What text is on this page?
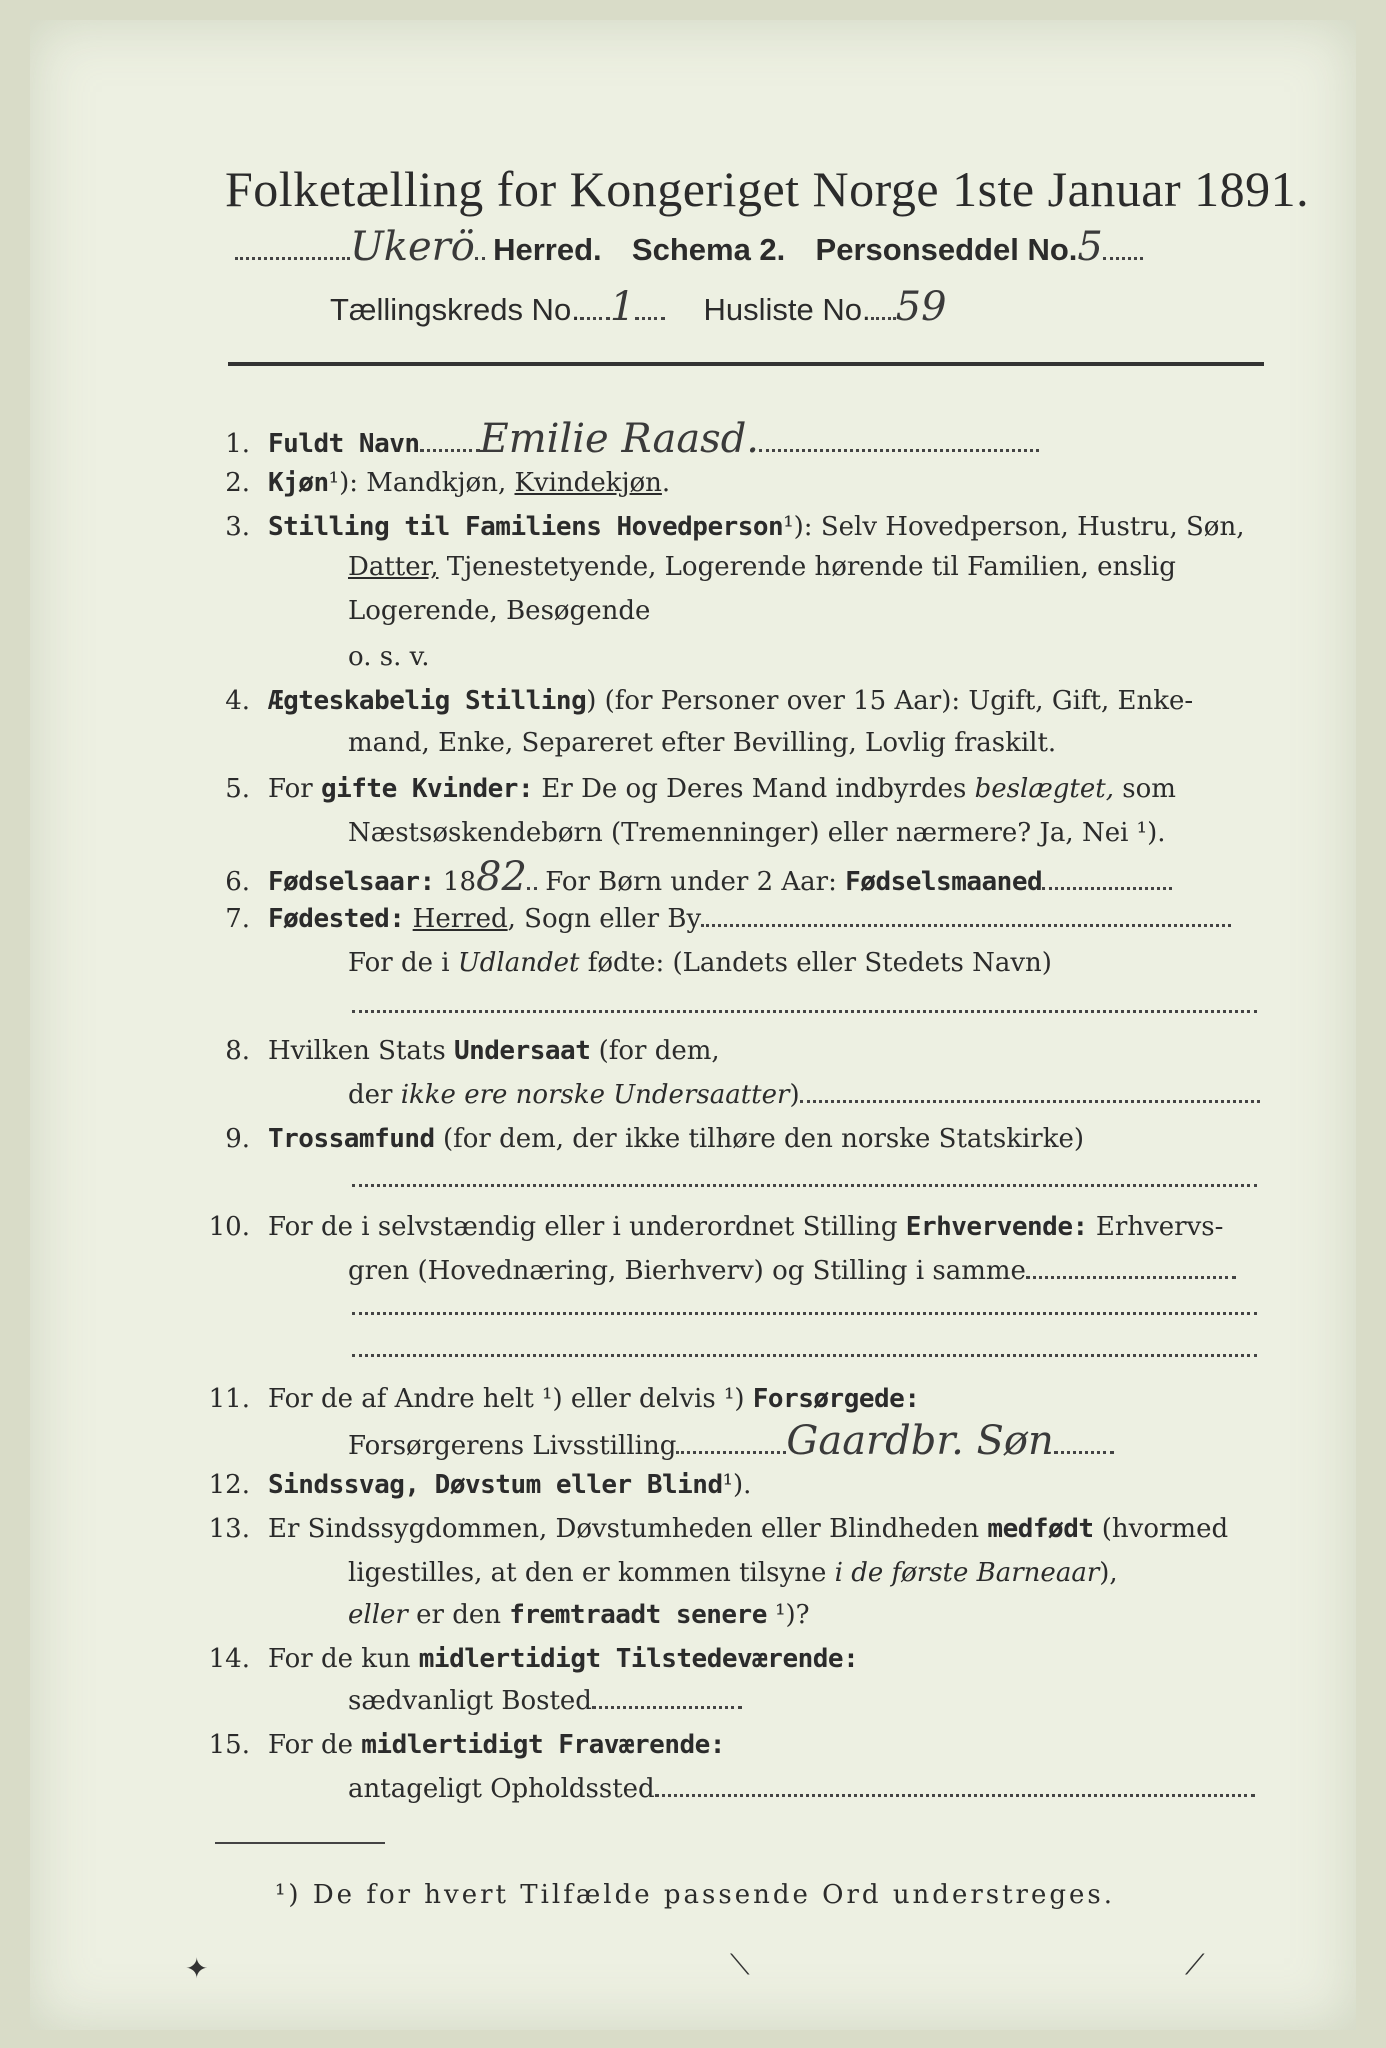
Folketælling for Kongeriget Norge 1ste Januar 1891.
Ukerö Herred. Schema 2. Personseddel No.5
Tællingskreds No. 1 Husliste No. 59
1. Fuldt Navn Emilie Raasd.
2. Kjøn¹): Mandkjøn, Kvindekjøn.
3. Stilling til Familiens Hovedperson¹): Selv Hovedperson, Hustru, Søn,
Datter, Tjenestetyende, Logerende hørende til Familien, enslig
Logerende, Besøgende
o. s. v.
4. Ægteskabelig Stilling) (for Personer over 15 Aar): Ugift, Gift, Enke-
mand, Enke, Separeret efter Bevilling, Lovlig fraskilt.
5. For gifte Kvinder: Er De og Deres Mand indbyrdes beslægtet, som
Næstsøskendebørn (Tremenninger) eller nærmere? Ja, Nei ¹).
6. Fødselsaar: 1882 For Børn under 2 Aar: Fødselsmaaned
7. Fødested: Herred, Sogn eller By
For de i Udlandet fødte: (Landets eller Stedets Navn)
8. Hvilken Stats Undersaat (for dem,
der ikke ere norske Undersaatter)
9. Trossamfund (for dem, der ikke tilhøre den norske Statskirke)
10. For de i selvstændig eller i underordnet Stilling Erhvervende: Erhvervs-
gren (Hovednæring, Bierhverv) og Stilling i samme
11. For de af Andre helt ¹) eller delvis ¹) Forsørgede:
Forsørgerens Livsstilling	Gaardbr. Søn
12. Sindssvag, Døvstum eller Blind¹).
13. Er Sindssygdommen, Døvstumheden eller Blindheden medfødt (hvormed
ligestilles, at den er kommen tilsyne i de første Barneaar),
eller er den fremtraadt senere ¹)?
14. For de kun midlertidigt Tilstedeværende:
sædvanligt Bosted
15. For de midlertidigt Fraværende:
antageligt Opholdssted
¹) De for hvert Tilfælde passende Ord understreges.
✦	⟍	⟋
